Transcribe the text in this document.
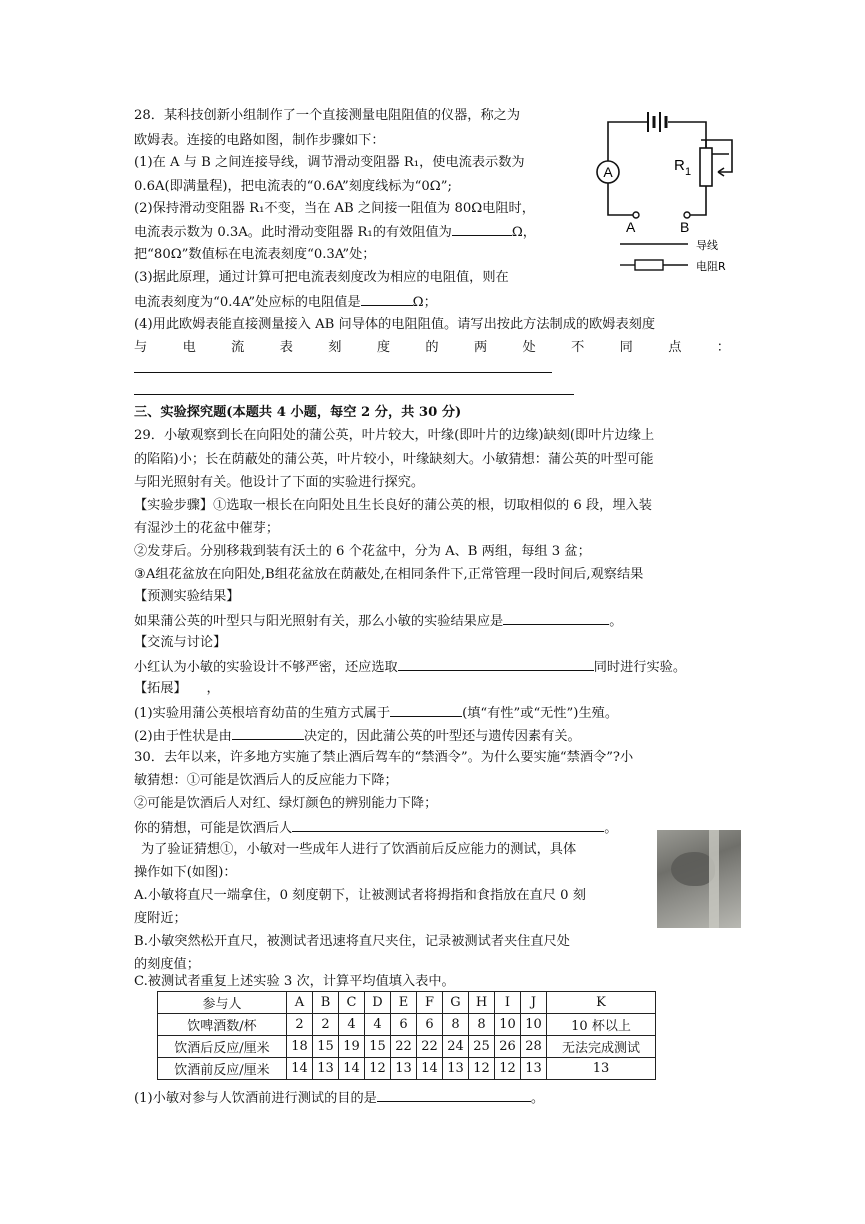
28．某科技创新小组制作了一个直接测量电阻阻值的仪器，称之为
欧姆表。连接的电路如图，制作步骤如下：
(1)在 A 与 B 之间连接导线，调节滑动变阻器 R₁，使电流表示数为
0.6A(即满量程)，把电流表的“0.6A”刻度线标为“0Ω”;
(2)保持滑动变阻器 R₁不变，当在 AB 之间接一阻值为 80Ω电阻时，
电流表示数为 0.3A。此时滑动变阻器 R₁的有效阻值为	Ω，
把“80Ω”数值标在电流表刻度“0.3A”处；
(3)据此原理，通过计算可把电流表刻度改为相应的电阻值，则在
电流表刻度为“0.4A”处应标的电阻值是	Ω；
(4)用此欧姆表能直接测量接入 AB 问导体的电阻阻值。请写出按此方法制成的欧姆表刻度
与	电	流	表	刻	度	的	两	处	不	同	点	：
A	R 1
A	B
导线
电阻R
三、实验探究题(本题共 4 小题，每空 2 分，共 30 分)
29．小敏观察到长在向阳处的蒲公英，叶片较大，叶缘(即叶片的边缘)缺刻(即叶片边缘上
的陷陷)小；长在荫蔽处的蒲公英，叶片较小，叶缘缺刻大。小敏猜想：蒲公英的叶型可能
与阳光照射有关。他设计了下面的实验进行探究。
【实验步骤】①选取一根长在向阳处且生长良好的蒲公英的根，切取相似的 6 段，埋入装
有湿沙土的花盆中催芽；
②发芽后。分别移栽到装有沃土的 6 个花盆中，分为 A、B 两组，每组 3 盆；
③A组花盆放在向阳处,B组花盆放在荫蔽处,在相同条件下,正常管理一段时间后,观察结果
【预测实验结果】
如果蒲公英的叶型只与阳光照射有关，那么小敏的实验结果应是	。
【交流与讨论】
小红认为小敏的实验设计不够严密，还应选取	同时进行实验。
【拓展】　　，
(1)实验用蒲公英根培育幼苗的生殖方式属于	(填“有性”或“无性”)生殖。
(2)由于性状是由	决定的，因此蒲公英的叶型还与遗传因素有关。
30．去年以来，许多地方实施了禁止酒后驾车的“禁酒令”。为什么要实施“禁酒令”?小
敏猜想：①可能是饮酒后人的反应能力下降；
②可能是饮酒后人对红、绿灯颜色的辨别能力下降；
你的猜想，可能是饮酒后人	。
为了验证猜想①，小敏对一些成年人进行了饮酒前后反应能力的测试，具体
操作如下(如图)：
A.小敏将直尺一端拿住，0 刻度朝下，让被测试者将拇指和食指放在直尺 0 刻
度附近；
B.小敏突然松开直尺，被测试者迅速将直尺夹住，记录被测试者夹住直尺处
的刻度值；
C.被测试者重复上述实验 3 次，计算平均值填入表中。
参与人	A	B	C	D	E	F	G	H	I	J	K
饮啤酒数/杯	2	2	4	4	6	6	8	8	10	10	10 杯以上
饮酒后反应/厘米	18	15	19	15	22	22	24	25	26	28	无法完成测试
饮酒前反应/厘米	14	13	14	12	13	14	13	12	12	13	13
(1)小敏对参与人饮酒前进行测试的目的是	。
